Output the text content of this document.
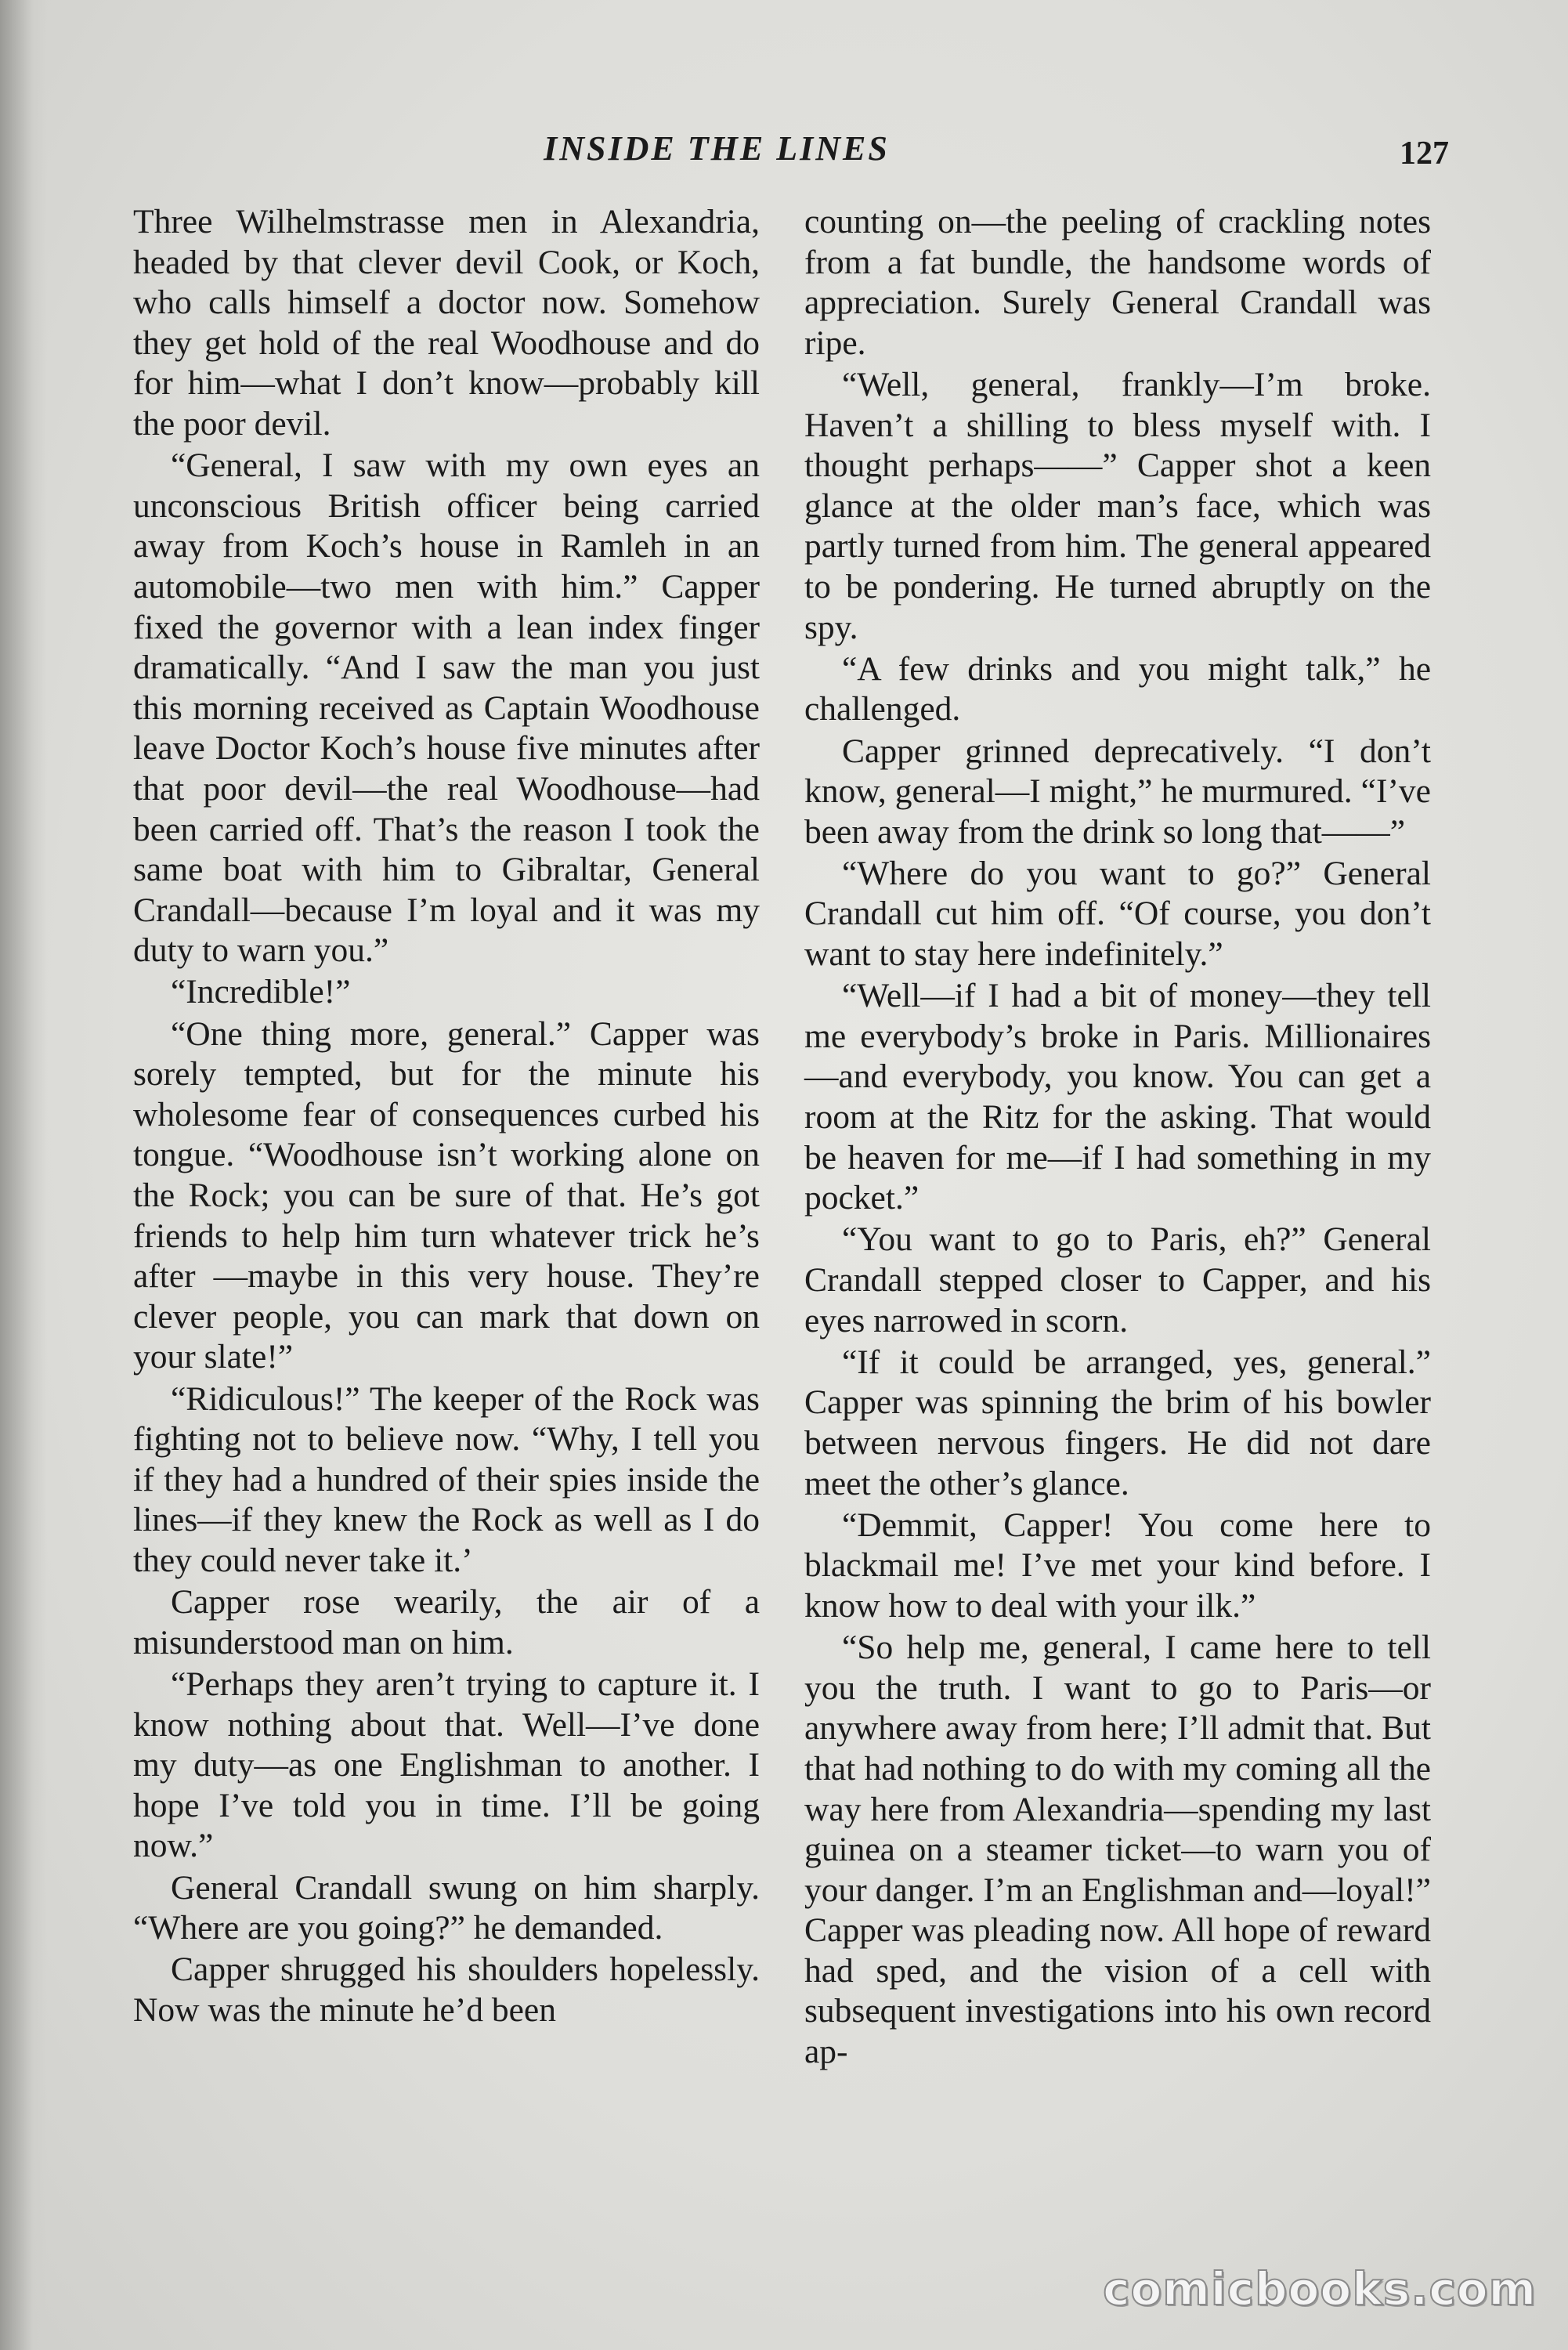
INSIDE THE LINES	127

Three Wilhelmstrasse men in Alexandria, headed by that clever devil Cook, or Koch, who calls himself a doctor now. Somehow they get hold of the real Woodhouse and do for him—what I don’t know—probably kill the poor devil.

“General, I saw with my own eyes an unconscious British officer being carried away from Koch’s house in Ramleh in an automobile—two men with him.” Capper fixed the governor with a lean index finger dramatically. “And I saw the man you just this morning received as Captain Woodhouse leave Doctor Koch’s house five minutes after that poor devil—the real Woodhouse—had been carried off. That’s the reason I took the same boat with him to Gibraltar, General Crandall—because I’m loyal and it was my duty to warn you.”

“Incredible!”

“One thing more, general.” Capper was sorely tempted, but for the minute his wholesome fear of consequences curbed his tongue. “Woodhouse isn’t working alone on the Rock; you can be sure of that. He’s got friends to help him turn whatever trick he’s after —maybe in this very house. They’re clever people, you can mark that down on your slate!”

“Ridiculous!” The keeper of the Rock was fighting not to believe now. “Why, I tell you if they had a hundred of their spies inside the lines—if they knew the Rock as well as I do they could never take it.’

Capper rose wearily, the air of a misunderstood man on him.

“Perhaps they aren’t trying to capture it. I know nothing about that. Well—I’ve done my duty—as one Englishman to another. I hope I’ve told you in time. I’ll be going now.”

General Crandall swung on him sharply. “Where are you going?” he demanded.

Capper shrugged his shoulders hopelessly. Now was the minute he’d been

counting on—the peeling of crackling notes from a fat bundle, the handsome words of appreciation. Surely General Crandall was ripe.

“Well, general, frankly—I’m broke. Haven’t a shilling to bless myself with. I thought perhaps——” Capper shot a keen glance at the older man’s face, which was partly turned from him. The general appeared to be pondering. He turned abruptly on the spy.

“A few drinks and you might talk,” he challenged.

Capper grinned deprecatively. “I don’t know, general—I might,” he murmured. “I’ve been away from the drink so long that——”

“Where do you want to go?” General Crandall cut him off. “Of course, you don’t want to stay here indefinitely.”

“Well—if I had a bit of money—they tell me everybody’s broke in Paris. Millionaires—and everybody, you know. You can get a room at the Ritz for the asking. That would be heaven for me—if I had something in my pocket.”

“You want to go to Paris, eh?” General Crandall stepped closer to Capper, and his eyes narrowed in scorn.

“If it could be arranged, yes, general.” Capper was spinning the brim of his bowler between nervous fingers. He did not dare meet the other’s glance.

“Demmit, Capper! You come here to blackmail me! I’ve met your kind before. I know how to deal with your ilk.”

“So help me, general, I came here to tell you the truth. I want to go to Paris—or anywhere away from here; I’ll admit that. But that had nothing to do with my coming all the way here from Alexandria—spending my last guinea on a steamer ticket—to warn you of your danger. I’m an Englishman and—loyal!” Capper was pleading now. All hope of reward had sped, and the vision of a cell with subsequent investigations into his own record ap-

comicbooks.com
